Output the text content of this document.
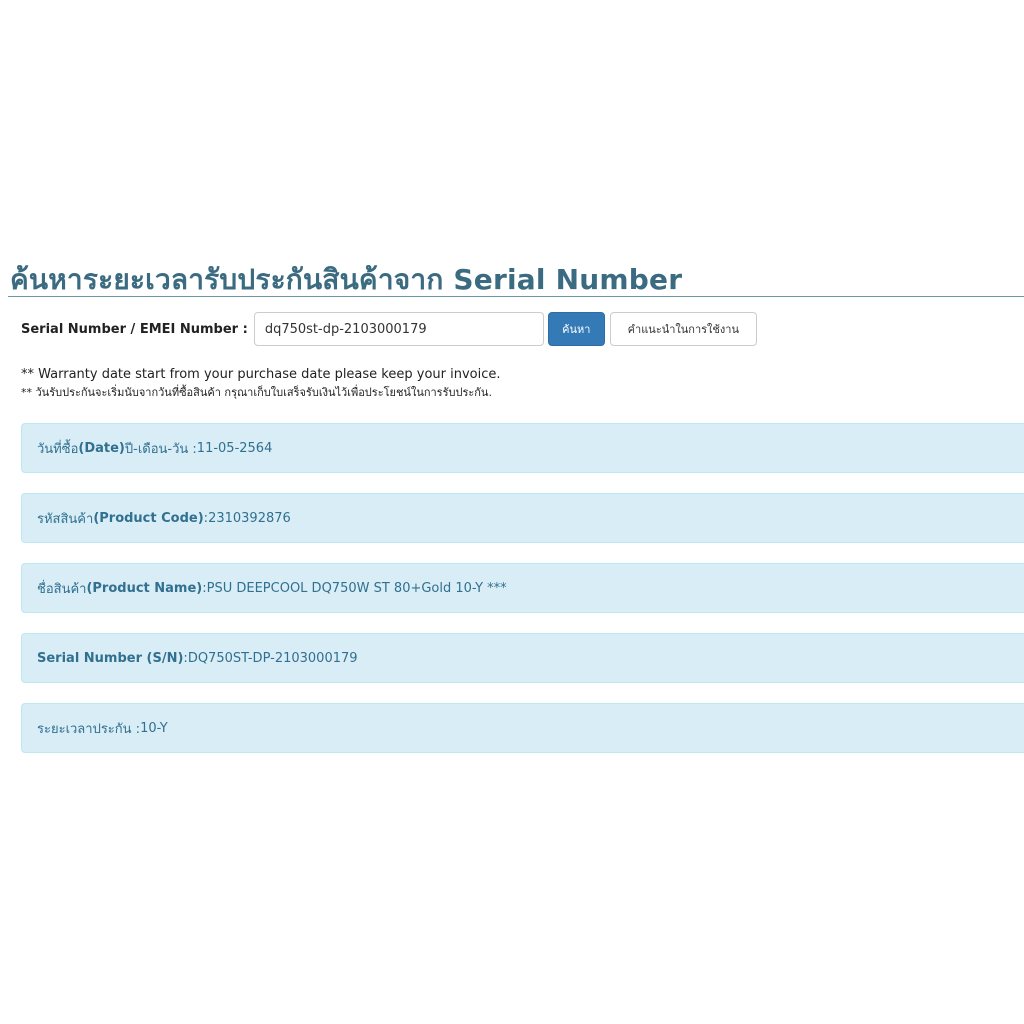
ค้นหาระยะเวลารับประกันสินค้าจาก Serial Number
Serial Number / EMEI Number :
dq750st-dp-2103000179	ค้นหา	คำแนะนำในการใช้งาน
** Warranty date start from your purchase date please keep your invoice.
** วันรับประกันจะเริ่มนับจากวันที่ซื้อสินค้า กรุณาเก็บใบเสร็จรับเงินไว้เพื่อประโยชน์ในการรับประกัน.
วันที่ซื้อ (Date) ปี-เดือน-วัน : 11-05-2564
รหัสสินค้า (Product Code) : 2310392876
ชื่อสินค้า (Product Name) : PSU DEEPCOOL DQ750W ST 80+Gold 10-Y ***
Serial Number (S/N) : DQ750ST-DP-2103000179
ระยะเวลาประกัน : 10-Y
